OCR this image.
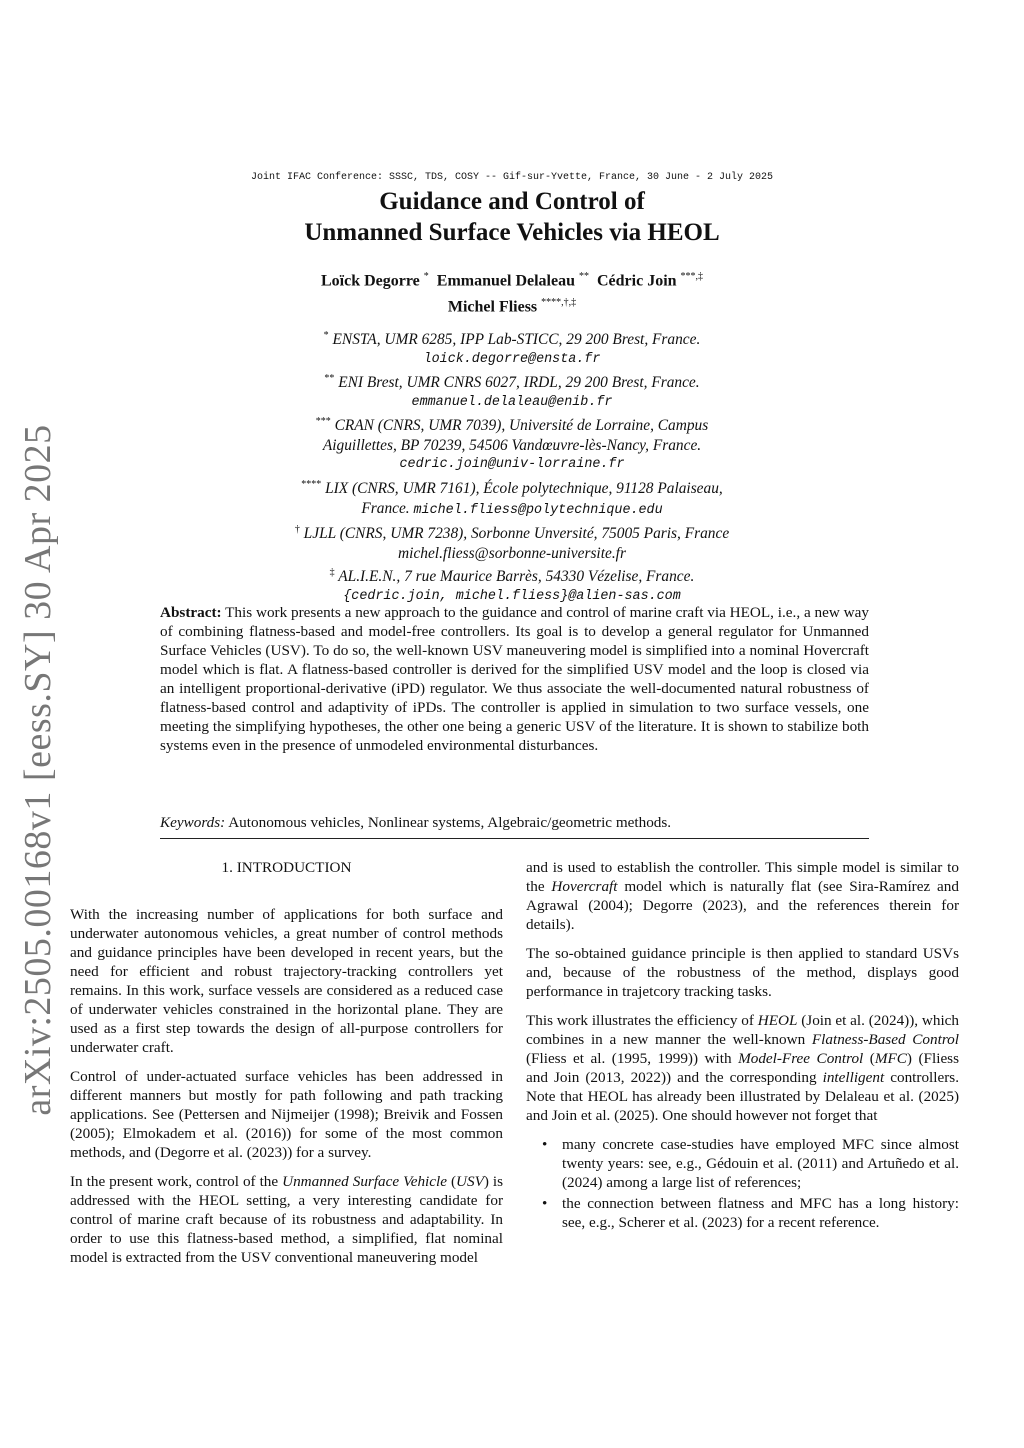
arXiv:2505.00168v1 [eess.SY] 30 Apr 2025
Joint IFAC Conference: SSSC, TDS, COSY -- Gif-sur-Yvette, France, 30 June - 2 July 2025
Guidance and Control of
Unmanned Surface Vehicles via HEOL
Loïck Degorre * Emmanuel Delaleau ** Cédric Join ***,‡
Michel Fliess ****,†,‡
* ENSTA, UMR 6285, IPP Lab-STICC, 29 200 Brest, France.
loick.degorre@ensta.fr
** ENI Brest, UMR CNRS 6027, IRDL, 29 200 Brest, France.
emmanuel.delaleau@enib.fr
*** CRAN (CNRS, UMR 7039), Université de Lorraine, Campus
Aiguillettes, BP 70239, 54506 Vandœuvre-lès-Nancy, France.
cedric.join@univ-lorraine.fr
**** LIX (CNRS, UMR 7161), École polytechnique, 91128 Palaiseau,
France. michel.fliess@polytechnique.edu
† LJLL (CNRS, UMR 7238), Sorbonne Unversité, 75005 Paris, France
michel.fliess@sorbonne-universite.fr
‡ AL.I.E.N., 7 rue Maurice Barrès, 54330 Vézelise, France.
{cedric.join, michel.fliess}@alien-sas.com
Abstract: This work presents a new approach to the guidance and control of marine craft via HEOL, i.e., a new way of combining flatness-based and model-free controllers. Its goal is to develop a general regulator for Unmanned Surface Vehicles (USV). To do so, the well-known USV maneuvering model is simplified into a nominal Hovercraft model which is flat. A flatness-based controller is derived for the simplified USV model and the loop is closed via an intelligent proportional-derivative (iPD) regulator. We thus associate the well-documented natural robustness of flatness-based control and adaptivity of iPDs. The controller is applied in simulation to two surface vessels, one meeting the simplifying hypotheses, the other one being a generic USV of the literature. It is shown to stabilize both systems even in the presence of unmodeled environmental disturbances.
Keywords: Autonomous vehicles, Nonlinear systems, Algebraic/geometric methods.
1. INTRODUCTION

With the increasing number of applications for both surface and underwater autonomous vehicles, a great number of control methods and guidance principles have been developed in recent years, but the need for efficient and robust trajectory-tracking controllers yet remains. In this work, surface vessels are considered as a reduced case of underwater vehicles constrained in the horizontal plane. They are used as a first step towards the design of all-purpose controllers for underwater craft.

Control of under-actuated surface vehicles has been addressed in different manners but mostly for path following and path tracking applications. See (Pettersen and Nijmeijer (1998); Breivik and Fossen (2005); Elmokadem et al. (2016)) for some of the most common methods, and (Degorre et al. (2023)) for a survey.

In the present work, control of the Unmanned Surface Vehicle (USV) is addressed with the HEOL setting, a very interesting candidate for control of marine craft because of its robustness and adaptability. In order to use this flatness-based method, a simplified, flat nominal model is extracted from the USV conventional maneuvering model

and is used to establish the controller. This simple model is similar to the Hovercraft model which is naturally flat (see Sira-Ramírez and Agrawal (2004); Degorre (2023), and the references therein for details).

The so-obtained guidance principle is then applied to standard USVs and, because of the robustness of the method, displays good performance in trajetcory tracking tasks.

This work illustrates the efficiency of HEOL (Join et al. (2024)), which combines in a new manner the well-known Flatness-Based Control (Fliess et al. (1995, 1999)) with Model-Free Control (MFC) (Fliess and Join (2013, 2022)) and the corresponding intelligent controllers. Note that HEOL has already been illustrated by Delaleau et al. (2025) and Join et al. (2025). One should however not forget that

• many concrete case-studies have employed MFC since almost twenty years: see, e.g., Gédouin et al. (2011) and Artuñedo et al. (2024) among a large list of references;
• the connection between flatness and MFC has a long history: see, e.g., Scherer et al. (2023) for a recent reference.
